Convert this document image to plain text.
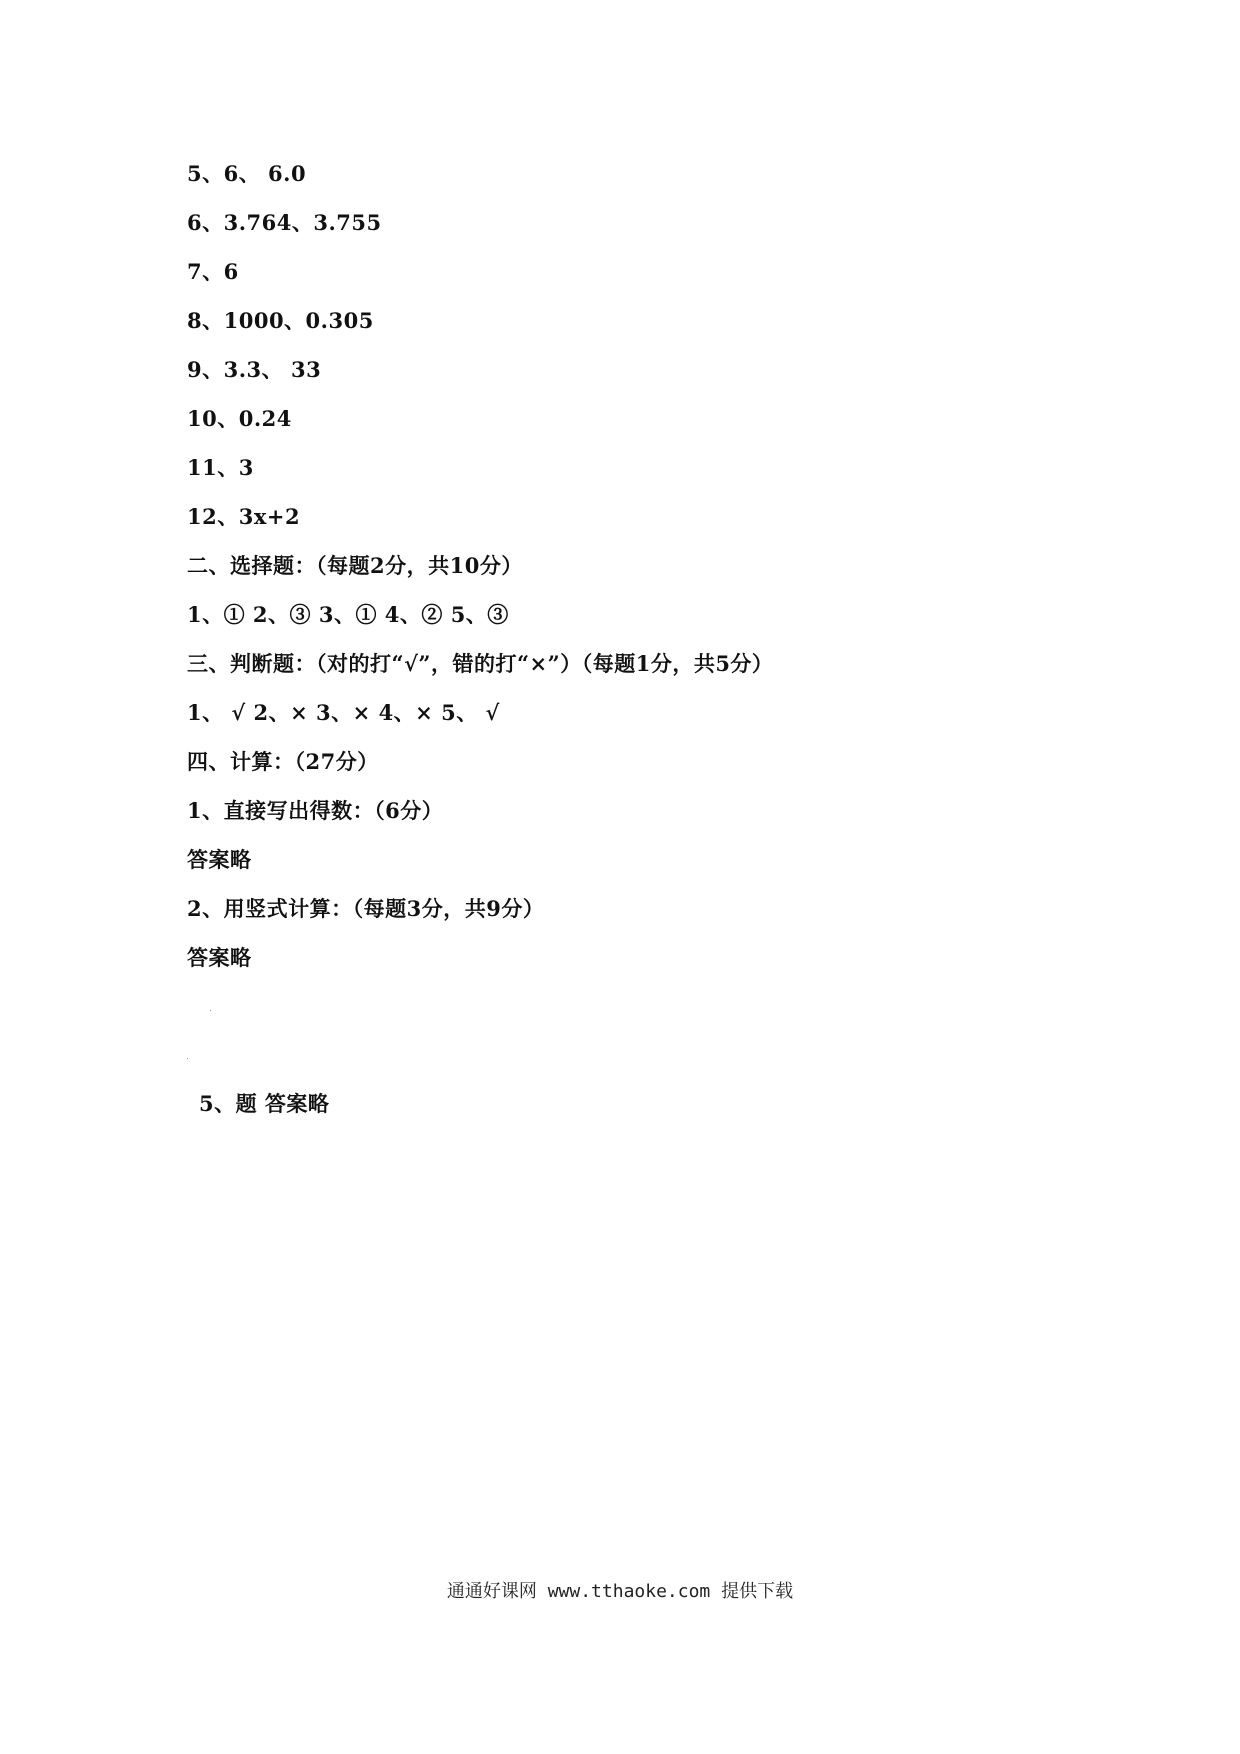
5、6、 6.0
6、3.764、3.755
7、6
8、1000、0.305
9、3.3、 33
10、0.24
11、3
12、3x+2
二、选择题：（每题2分，共10分）
1、① 2、③ 3、① 4、② 5、③
三、判断题：（对的打“√”，错的打“×”）（每题1分，共5分）
1、 √ 2、× 3、× 4、× 5、 √
四、计算：（27分）
1、直接写出得数：（6分）
答案略
2、用竖式计算：（每题3分，共9分）
答案略
5、题 答案略
通通好课网 www.tthaoke.com 提供下载
